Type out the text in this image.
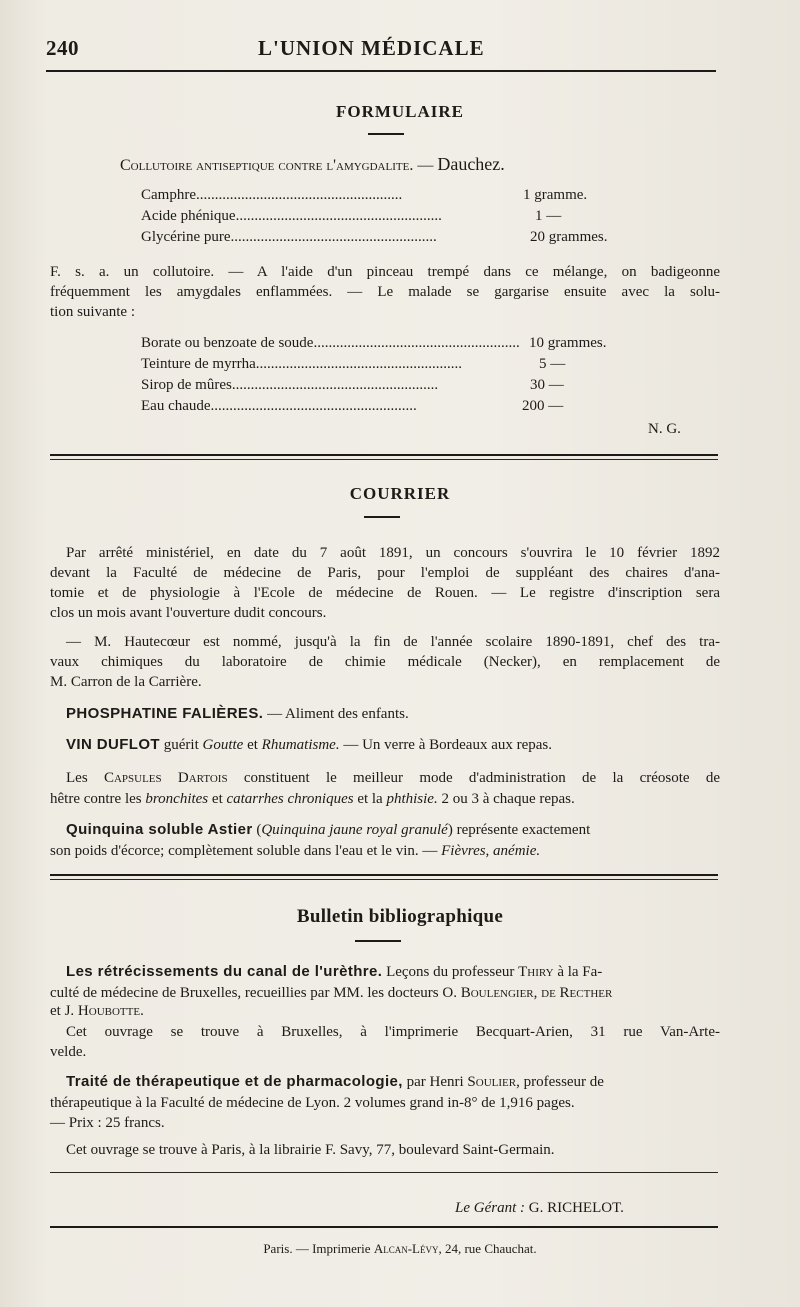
240	L'UNION MÉDICALE
FORMULAIRE
Collutoire antiseptique contre l'amygdalite. — Dauchez.
Camphre.......................................................	1 gramme.
Acide phénique.......................................................	1 —
Glycérine pure.......................................................	20 grammes.
F. s. a. un collutoire. — A l'aide d'un pinceau trempé dans ce mélange, on badigeonne
fréquemment les amygdales enflammées. — Le malade se gargarise ensuite avec la solu-
tion suivante :
Borate ou benzoate de soude....................................................... 10 grammes.
Teinture de myrrha.......................................................	5 —
Sirop de mûres.......................................................	30 —
Eau chaude.......................................................	200 —
N. G.
COURRIER
Par arrêté ministériel, en date du 7 août 1891, un concours s'ouvrira le 10 février 1892
devant la Faculté de médecine de Paris, pour l'emploi de suppléant des chaires d'ana-
tomie et de physiologie à l'Ecole de médecine de Rouen. — Le registre d'inscription sera
clos un mois avant l'ouverture dudit concours.
— M. Hautecœur est nommé, jusqu'à la fin de l'année scolaire 1890-1891, chef des tra-
vaux chimiques du laboratoire de chimie médicale (Necker), en remplacement de
M. Carron de la Carrière.
PHOSPHATINE FALIÈRES. — Aliment des enfants.
VIN DUFLOT guérit Goutte et Rhumatisme. — Un verre à Bordeaux aux repas.
Les Capsules Dartois constituent le meilleur mode d'administration de la créosote de
hêtre contre les bronchites et catarrhes chroniques et la phthisie. 2 ou 3 à chaque repas.
Quinquina soluble Astier (Quinquina jaune royal granulé) représente exactement
son poids d'écorce; complètement soluble dans l'eau et le vin. — Fièvres, anémie.
Bulletin bibliographique
Les rétrécissements du canal de l'urèthre. Leçons du professeur Thiry à la Fa-
culté de médecine de Bruxelles, recueillies par MM. les docteurs O. Boulengier, de Recther
et J. Houbotte.
Cet ouvrage se trouve à Bruxelles, à l'imprimerie Becquart-Arien, 31 rue Van-Arte-
velde.
Traité de thérapeutique et de pharmacologie, par Henri Soulier, professeur de
thérapeutique à la Faculté de médecine de Lyon. 2 volumes grand in-8° de 1,916 pages.
— Prix : 25 francs.
Cet ouvrage se trouve à Paris, à la librairie F. Savy, 77, boulevard Saint-Germain.
Le Gérant : G. RICHELOT.
Paris. — Imprimerie Alcan-Lévy, 24, rue Chauchat.
